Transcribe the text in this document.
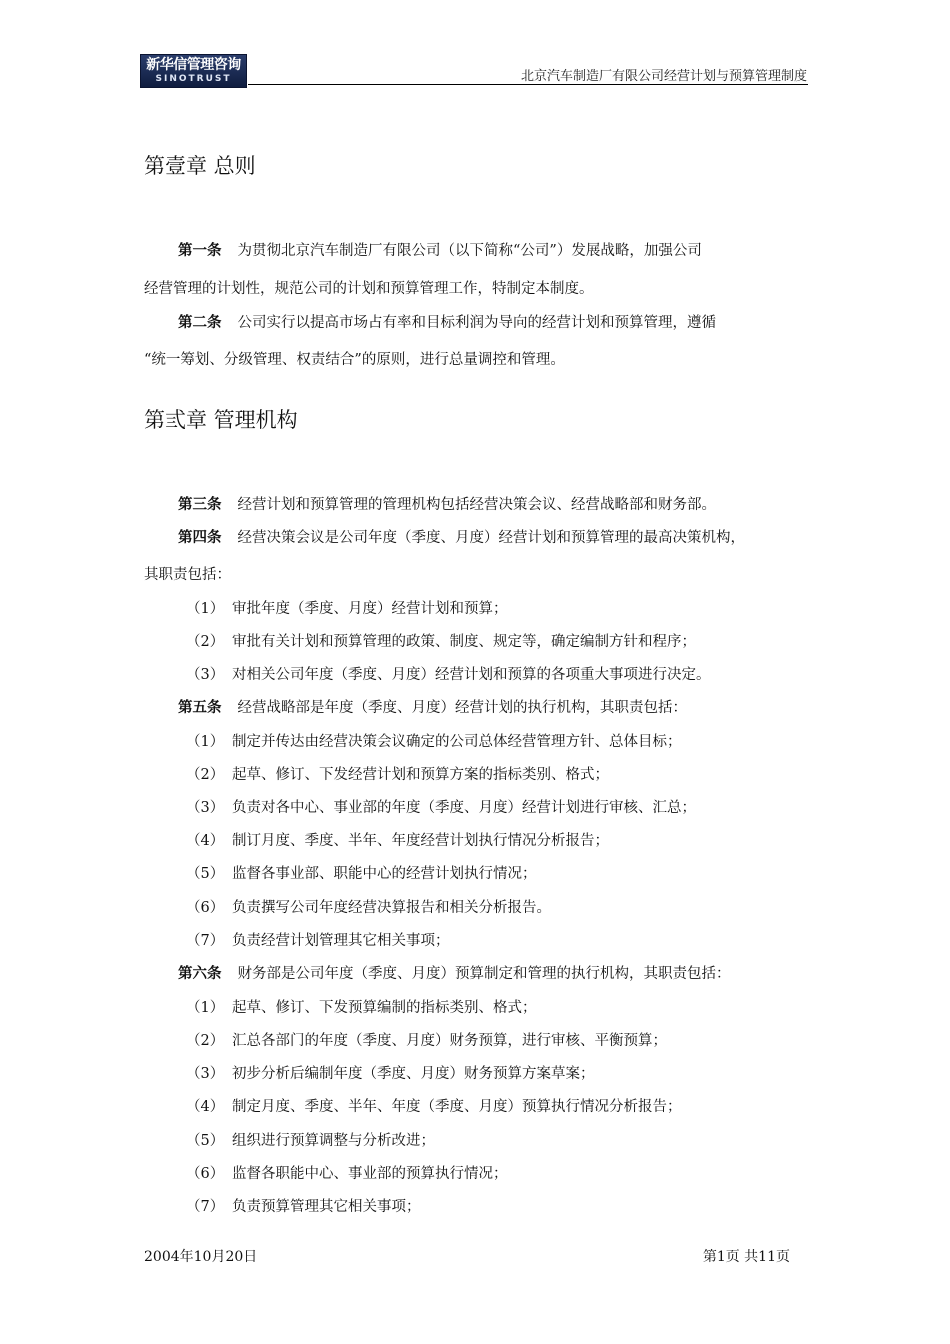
新华信管理咨询
SINOTRUST	北京汽车制造厂有限公司经营计划与预算管理制度
第壹章 总则
第一条 为贯彻北京汽车制造厂有限公司（以下简称“公司”）发展战略，加强公司
经营管理的计划性，规范公司的计划和预算管理工作，特制定本制度。
第二条 公司实行以提高市场占有率和目标利润为导向的经营计划和预算管理，遵循
“统一筹划、分级管理、权责结合”的原则，进行总量调控和管理。
第弎章 管理机构
第三条 经营计划和预算管理的管理机构包括经营决策会议、经营战略部和财务部。
第四条 经营决策会议是公司年度（季度、月度）经营计划和预算管理的最高决策机构，
其职责包括：
（1） 审批年度（季度、月度）经营计划和预算；
（2） 审批有关计划和预算管理的政策、制度、规定等，确定编制方针和程序；
（3） 对相关公司年度（季度、月度）经营计划和预算的各项重大事项进行决定。
第五条 经营战略部是年度（季度、月度）经营计划的执行机构，其职责包括：
（1） 制定并传达由经营决策会议确定的公司总体经营管理方针、总体目标；
（2） 起草、修订、下发经营计划和预算方案的指标类别、格式；
（3） 负责对各中心、事业部的年度（季度、月度）经营计划进行审核、汇总；
（4） 制订月度、季度、半年、年度经营计划执行情况分析报告；
（5） 监督各事业部、职能中心的经营计划执行情况；
（6） 负责撰写公司年度经营决算报告和相关分析报告。
（7） 负责经营计划管理其它相关事项；
第六条 财务部是公司年度（季度、月度）预算制定和管理的执行机构，其职责包括：
（1） 起草、修订、下发预算编制的指标类别、格式；
（2） 汇总各部门的年度（季度、月度）财务预算，进行审核、平衡预算；
（3） 初步分析后编制年度（季度、月度）财务预算方案草案；
（4） 制定月度、季度、半年、年度（季度、月度）预算执行情况分析报告；
（5） 组织进行预算调整与分析改进；
（6） 监督各职能中心、事业部的预算执行情况；
（7） 负责预算管理其它相关事项；
2004年10月20日	第1页 共11页
